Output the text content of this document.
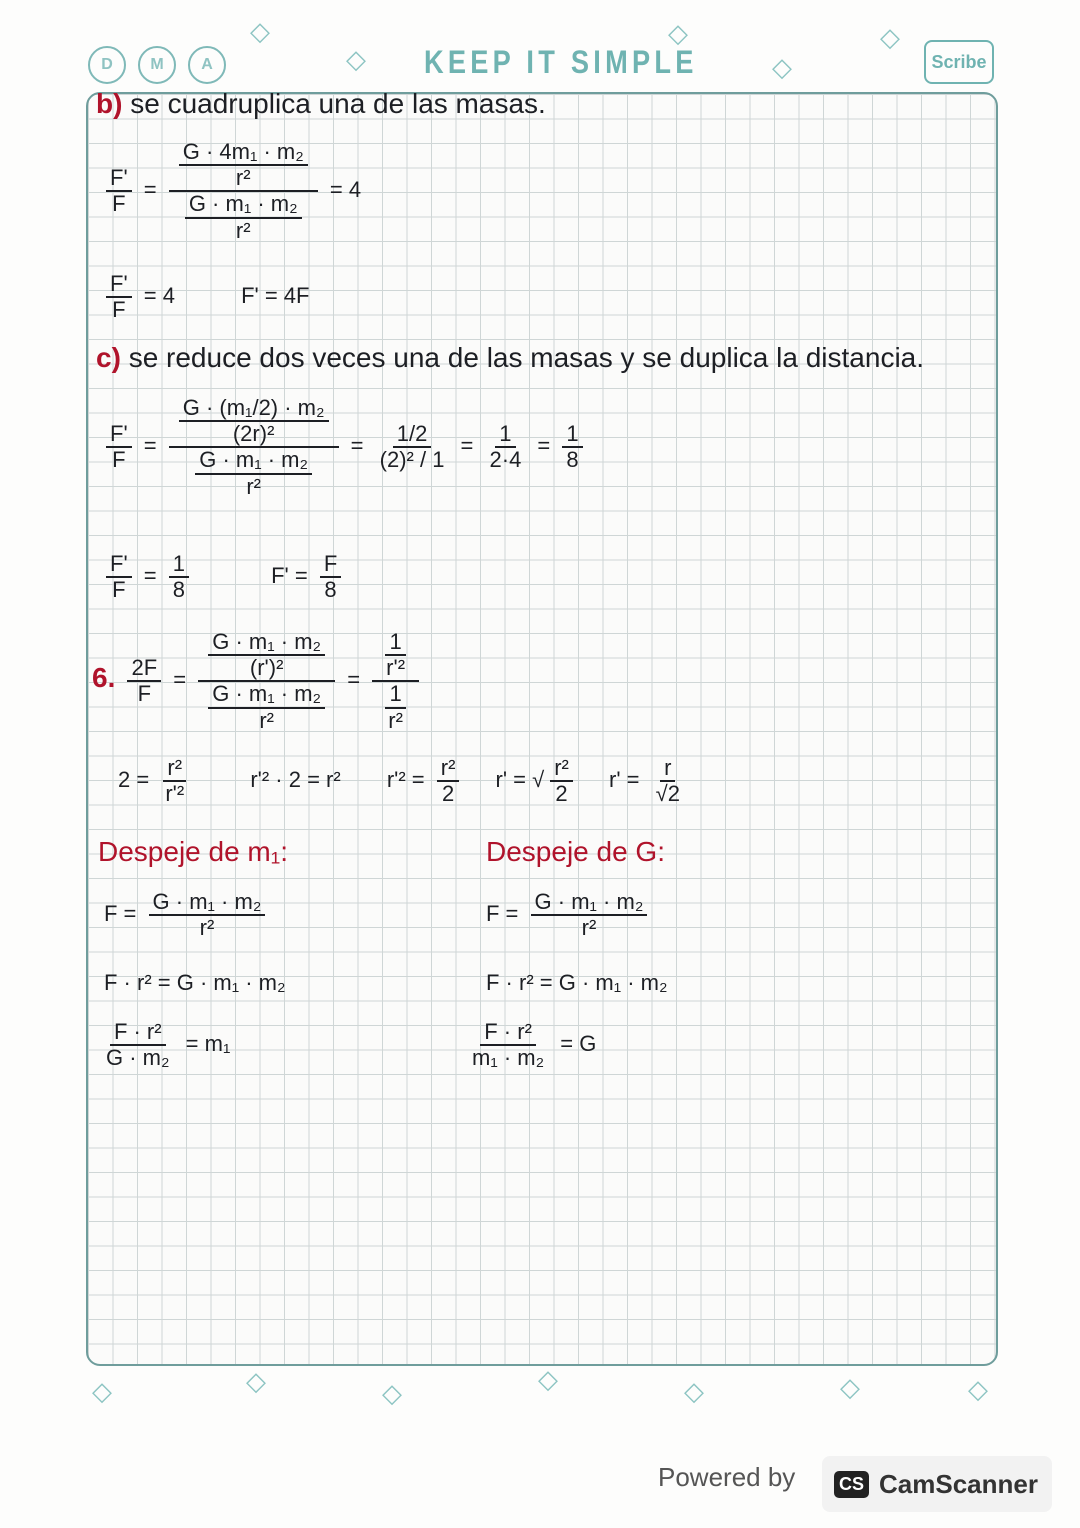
D	M	A
◇
◇
◇
◇
◇
KEEP IT SIMPLE	Scribe
b) se cuadruplica una de las masas.
$\frac{F'}{F} = \frac{\frac{\text{G · 4m₁ · m₂}}{\text{r²}}}{\frac{\text{G · m₁ · m₂}}{\text{r²}}} = 4$
$\frac{F'}{F} = 4$	F' = 4F
c) se reduce dos veces una de las masas y se duplica la distancia.
$\frac{F'}{F} = \frac{\frac{\text{G · (m₁/2) · m₂}}{\text{(2r)²}}}{\frac{\text{G · m₁ · m₂}}{\text{r²}}} = \frac{1/2}{\text{(2)² / 1}} = \frac{1}{2\cdot 4} = \frac{1}{8}$
$\frac{F'}{F} = \frac{1}{8}$	$F' = \frac{F}{8}$
6. $\frac{2F}{F} = \frac{\frac{\text{G · m₁ · m₂}}{\text{(r')²}}}{\frac{\text{G · m₁ · m₂}}{\text{r²}}} = \frac{\frac{1}{\text{r'²}}}{\frac{1}{\text{r²}}}$
$2 = \frac{\text{r²}}{\text{r'²}}$	r'² · 2 = r² $r'^2 = \frac{\text{r²}}{2} r'$ = √ $\frac{\text{r²}}{2} r' = \frac{r}{√2}$
Despeje de m₁:
$F = \frac{\text{G · m₁ · m₂}}{\text{r²}}$
F · r² = G · m₁ · m₂
$\frac{\text{F · r²}}{\text{G · m₂}} = m_1$
Despeje de G:
$F = \frac{\text{G · m₁ · m₂}}{\text{r²}}$
F · r² = G · m₁ · m₂
$\frac{\text{F · r²}}{\text{m₁ · m₂}} = G$
◇	◇	◇	◇	◇	◇	◇
Powered by CS CamScanner
